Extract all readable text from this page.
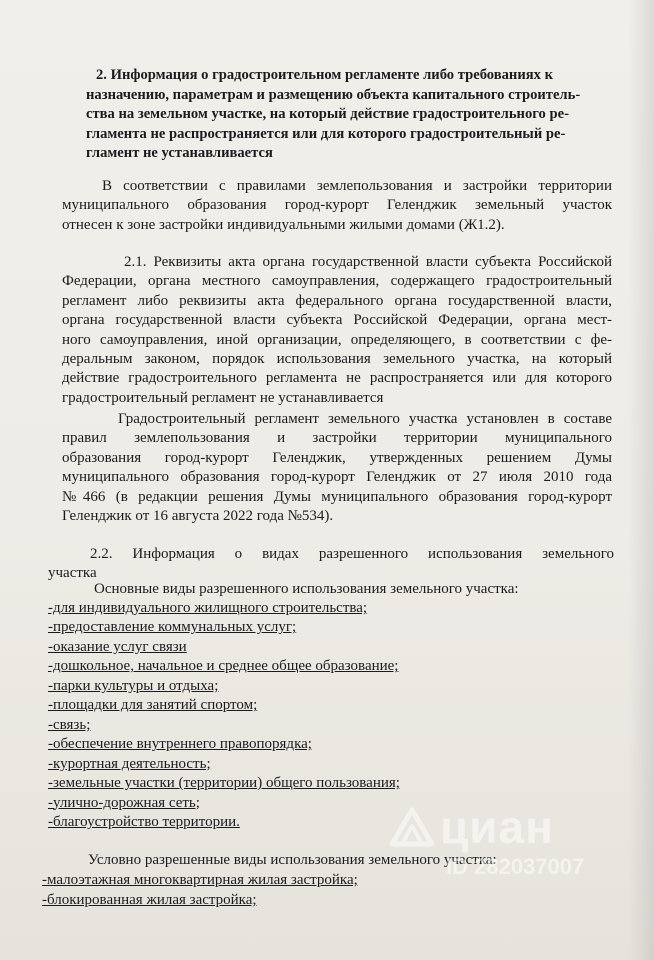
2. Информация о градостроительном регламенте либо требованиях к

назначению, параметрам и размещению объекта капитального строитель-

ства на земельном участке, на который действие градостроительного ре-

гламента не распространяется или для которого градостроительный ре-

гламент не устанавливается

В соответствии с правилами землепользования и застройки территории

муниципального образования город-курорт Геленджик земельный участок

отнесен к зоне застройки индивидуальными жилыми домами (Ж1.2).

2.1. Реквизиты акта органа государственной власти субъекта Российской

Федерации, органа местного самоуправления, содержащего градостроительный

регламент либо реквизиты акта федерального органа государственной власти,

органа государственной власти субъекта Российской Федерации, органа мест-

ного самоуправления, иной организации, определяющего, в соответствии с фе-

деральным законом, порядок использования земельного участка, на который

действие градостроительного регламента не распространяется или для которого

градостроительный регламент не устанавливается

Градостроительный регламент земельного участка установлен в составе

правил землепользования и застройки территории муниципального

образования город-курорт Геленджик, утвержденных решением Думы

муниципального образования город-курорт Геленджик от 27 июля 2010 года

№466 (в редакции решения Думы муниципального образования город-курорт

Геленджик от 16 августа 2022 года №534).

2.2. Информация о видах разрешенного использования земельного

участка

Основные виды разрешенного использования земельного участка:

-для индивидуального жилищного строительства;
-предоставление коммунальных услуг;
-оказание услуг связи
-дошкольное, начальное и среднее общее образование;
-парки культуры и отдыха;
-площадки для занятий спортом;
-связь;
-обеспечение внутреннего правопорядка;
-курортная деятельность;
-земельные участки (территории) общего пользования;
-улично-дорожная сеть;
-благоустройство территории.

Условно разрешенные виды использования земельного участка:

-малоэтажная многоквартирная жилая застройка;
-блокированная жилая застройка;
циан
ID 282037007
